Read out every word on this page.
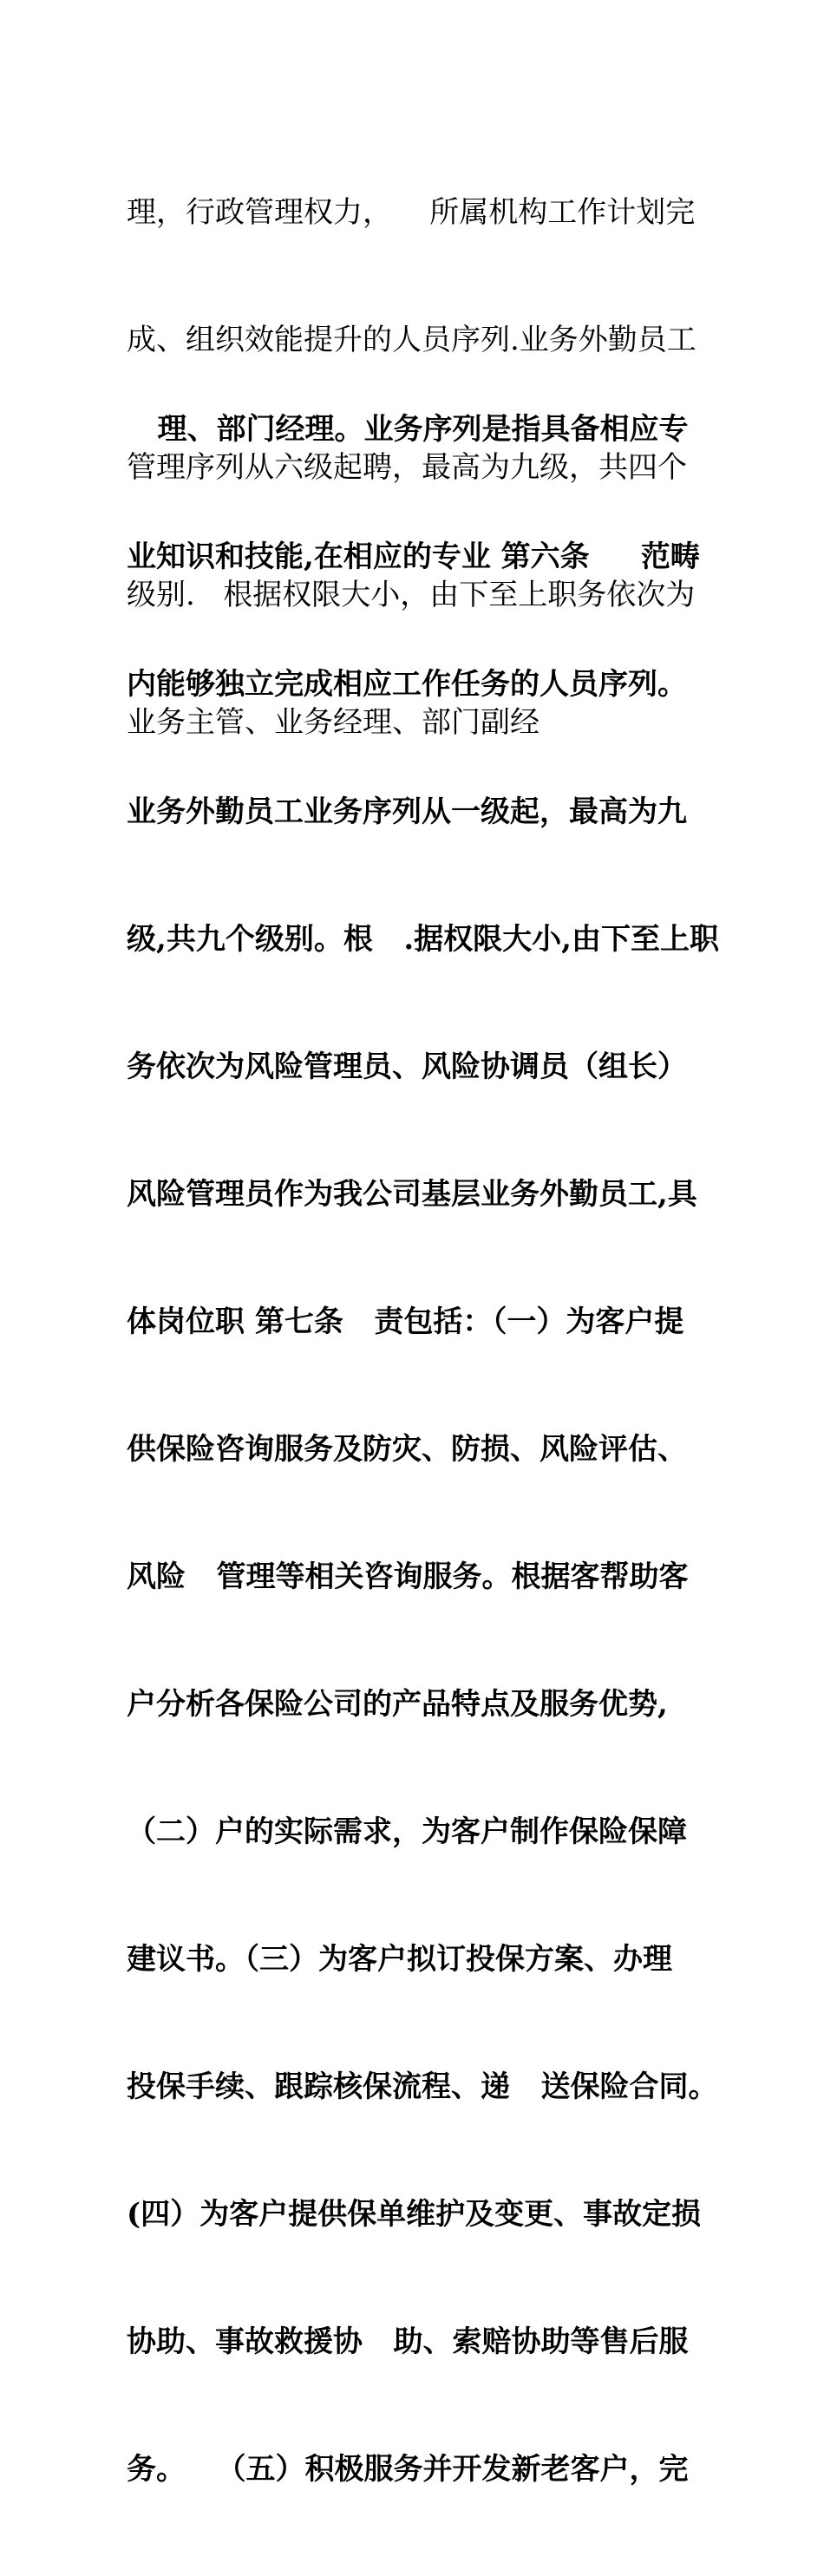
理，行政管理权力，    所属机构工作计划完

成、组织效能提升的人员序列.业务外勤员工

管理序列从六级起聘，最高为九级，共四个

级别.   根据权限大小，由下至上职务依次为

业务主管、业务经理、部门副经

理、部门经理。业务序列是指具备相应专

业知识和技能,在相应的专业 第六条     范畴

内能够独立完成相应工作任务的人员序列。

业务外勤员工业务序列从一级起，最高为九

级,共九个级别。根   .据权限大小,由下至上职

务依次为风险管理员、风险协调员（组长）

风险管理员作为我公司基层业务外勤员工,具

体岗位职 第七条   责包括：（一）为客户提

供保险咨询服务及防灾、防损、风险评估、

风险   管理等相关咨询服务。根据客帮助客

户分析各保险公司的产品特点及服务优势,

（二）户的实际需求，为客户制作保险保障

建议书。（三）为客户拟订投保方案、办理

投保手续、跟踪核保流程、递   送保险合同。

(四）为客户提供保单维护及变更、事故定损

协助、事故救援协   助、索赔协助等售后服

务。   （五）积极服务并开发新老客户，完
